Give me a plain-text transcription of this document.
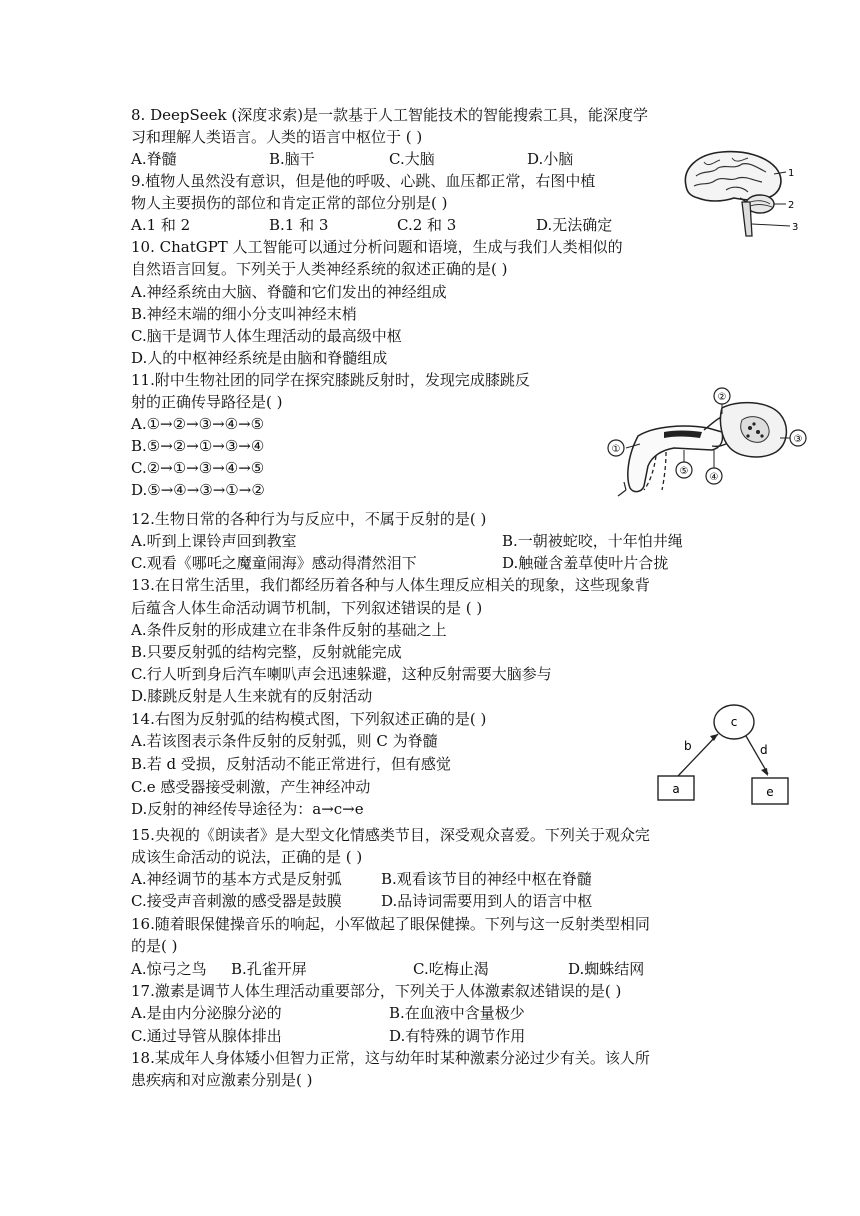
8. DeepSeek (深度求索)是一款基于人工智能技术的智能搜索工具，能深度学
习和理解人类语言。人类的语言中枢位于 ( )
A.脊髓	B.脑干	C.大脑	D.小脑
9.植物人虽然没有意识，但是他的呼吸、心跳、血压都正常，右图中植
物人主要损伤的部位和肯定正常的部位分别是( )
A.1 和 2	B.1 和 3	C.2 和 3	D.无法确定
1
2
3
10. ChatGPT 人工智能可以通过分析问题和语境，生成与我们人类相似的
自然语言回复。下列关于人类神经系统的叙述正确的是( )
A.神经系统由大脑、脊髓和它们发出的神经组成
B.神经末端的细小分支叫神经末梢
C.脑干是调节人体生理活动的最高级中枢
D.人的中枢神经系统是由脑和脊髓组成
11.附中生物社团的同学在探究膝跳反射时，发现完成膝跳反
射的正确传导路径是( )
A.①→②→③→④→⑤
B.⑤→②→①→③→④
C.②→①→③→④→⑤
D.⑤→④→③→①→②
①
②
③
④
⑤
12.生物日常的各种行为与反应中，不属于反射的是( )
A.听到上课铃声回到教室	B.一朝被蛇咬，十年怕井绳
C.观看《哪吒之魔童闹海》感动得潸然泪下	D.触碰含羞草使叶片合拢
13.在日常生活里，我们都经历着各种与人体生理反应相关的现象，这些现象背
后蕴含人体生命活动调节机制，下列叙述错误的是 ( )
A.条件反射的形成建立在非条件反射的基础之上
B.只要反射弧的结构完整，反射就能完成
C.行人听到身后汽车喇叭声会迅速躲避，这种反射需要大脑参与
D.膝跳反射是人生来就有的反射活动
14.右图为反射弧的结构模式图，下列叙述正确的是( )
A.若该图表示条件反射的反射弧，则 C 为脊髓
B.若 d 受损，反射活动不能正常进行，但有感觉
C.e 感受器接受刺激，产生神经冲动
D.反射的神经传导途径为：a→c→e
c
b	d
a	e
15.央视的《朗读者》是大型文化情感类节目，深受观众喜爱。下列关于观众完
成该生命活动的说法，正确的是 ( )
A.神经调节的基本方式是反射弧	B.观看该节目的神经中枢在脊髓
C.接受声音刺激的感受器是鼓膜	D.品诗词需要用到人的语言中枢
16.随着眼保健操音乐的响起，小军做起了眼保健操。下列与这一反射类型相同
的是( )
A.惊弓之鸟 B.孔雀开屏	C.吃梅止渴	D.蜘蛛结网
17.激素是调节人体生理活动重要部分，下列关于人体激素叙述错误的是( )
A.是由内分泌腺分泌的	B.在血液中含量极少
C.通过导管从腺体排出	D.有特殊的调节作用
18.某成年人身体矮小但智力正常，这与幼年时某种激素分泌过少有关。该人所
患疾病和对应激素分别是( )
